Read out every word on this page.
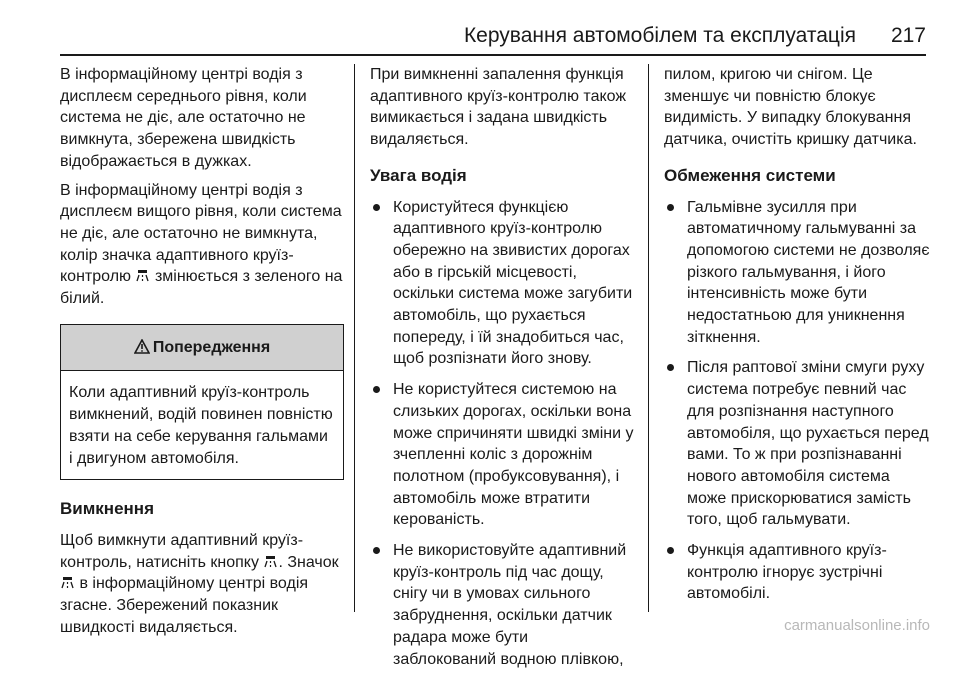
Керування автомобілем та експлуатація 217

В інформаційному центрі водія з дисплеєм середнього рівня, коли система не діє, але остаточно не вимкнута, збережена швидкість відображається в дужках.

В інформаційному центрі водія з дисплеєм вищого рівня, коли система не діє, але остаточно не вимкнута, колір значка адаптивного круїз-контролю змінюється з зеленого на білий.

Попередження
Коли адаптивний круїз-контроль вимкнений, водій повинен повністю взяти на себе керування гальмами і двигуном автомобіля.
Вимкнення

Щоб вимкнути адаптивний круїз-контроль, натисніть кнопку . Значок  в інформаційному центрі водія згасне. Збережений показник швидкості видаляється.

При вимкненні запалення функція адаптивного круїз-контролю також вимикається і задана швидкість видаляється.

Увага водія
Користуйтеся функцією адаптивного круїз-контролю обережно на звивистих дорогах або в гірській місцевості, оскільки система може загубити автомобіль, що рухається попереду, і їй знадобиться час, щоб розпізнати його знову.
Не користуйтеся системою на слизьких дорогах, оскільки вона може спричиняти швидкі зміни у зчепленні коліс з дорожнім полотном (пробуксовування), і автомобіль може втратити керованість.
Не використовуйте адаптивний круїз-контроль під час дощу, снігу чи в умовах сильного забруднення, оскільки датчик радара може бути заблокований водною плівкою,

пилом, кригою чи снігом. Це зменшує чи повністю блокує видимість. У випадку блокування датчика, очистіть кришку датчика.

Обмеження системи
Гальмівне зусилля при автоматичному гальмуванні за допомогою системи не дозволяє різкого гальмування, і його інтенсивність може бути недостатньою для уникнення зіткнення.
Після раптової зміни смуги руху система потребує певний час для розпізнання наступного автомобіля, що рухається перед вами. То ж при розпізнаванні нового автомобіля система може прискорюватися замість того, щоб гальмувати.
Функція адаптивного круїз-контролю ігнорує зустрічні автомобілі.
carmanualsonline.info
